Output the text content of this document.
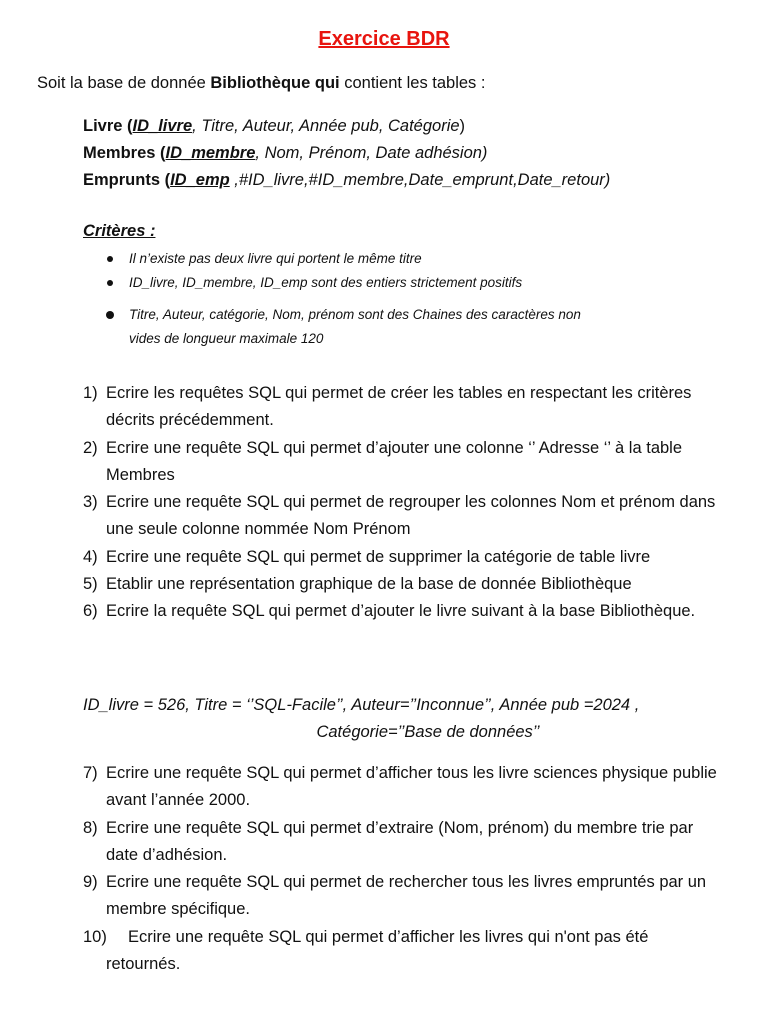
Exercice BDR
Soit la base de donnée Bibliothèque qui contient les tables :
Livre (ID_livre, Titre, Auteur, Année pub, Catégorie)
Membres (ID_membre, Nom, Prénom, Date adhésion)
Emprunts (ID_emp ,#ID_livre,#ID_membre,Date_emprunt,Date_retour)
Critères :
Il n’existe pas deux livre qui portent le même titre
ID_livre, ID_membre, ID_emp sont des entiers strictement positifs
Titre, Auteur, catégorie, Nom, prénom sont des Chaines des caractères non
vides de longueur maximale 120
1) Ecrire les requêtes SQL qui permet de créer les tables en respectant les critères décrits précédemment.
2) Ecrire une requête SQL qui permet d’ajouter une colonne ‘’ Adresse ‘’ à la table Membres
3) Ecrire une requête SQL qui permet de regrouper les colonnes Nom et prénom dans une seule colonne nommée Nom Prénom
4) Ecrire une requête SQL qui permet de supprimer la catégorie de table livre
5) Etablir une représentation graphique de la base de donnée Bibliothèque
6) Ecrire la requête SQL qui permet d’ajouter le livre suivant à la base Bibliothèque.
ID_livre = 526, Titre = ‘’SQL-Facile’’, Auteur=’’Inconnue’’, Année pub =2024 ,
Catégorie=’’Base de données’’
7) Ecrire une requête SQL qui permet d’afficher tous les livre sciences physique publie avant l’année 2000.
8) Ecrire une requête SQL qui permet d’extraire (Nom, prénom) du membre trie par date d’adhésion.
9) Ecrire une requête SQL qui permet de rechercher tous les livres empruntés par un membre spécifique.
10) Ecrire une requête SQL qui permet d’afficher les livres qui n'ont pas été retournés.
